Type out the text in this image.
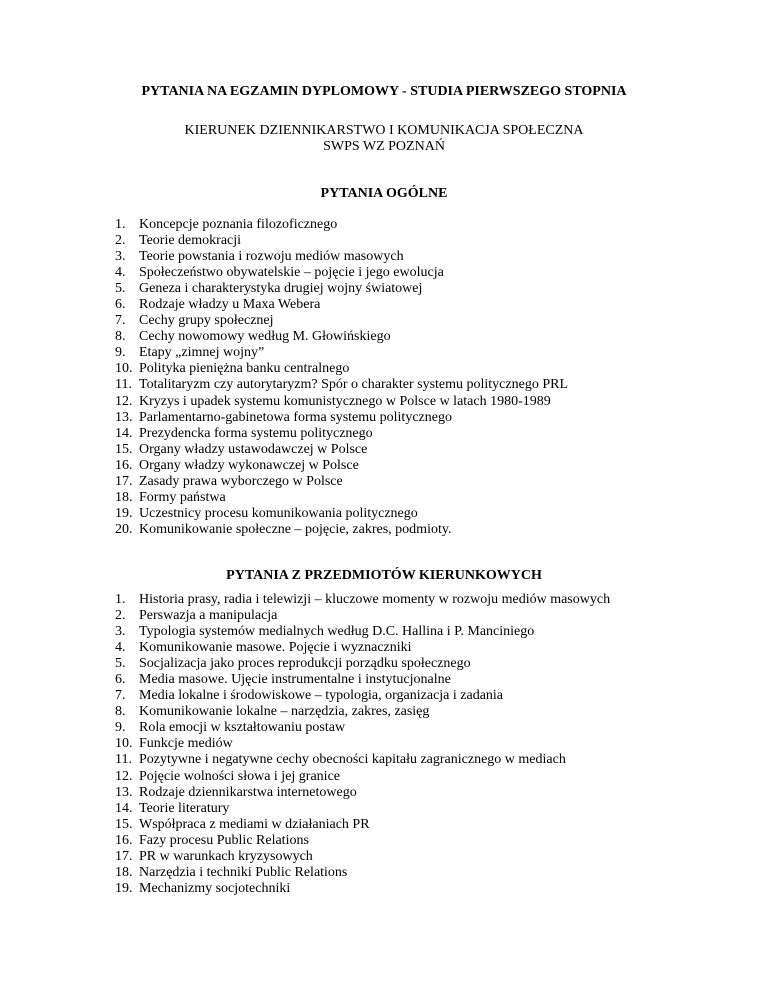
PYTANIA NA EGZAMIN DYPLOMOWY - STUDIA PIERWSZEGO STOPNIA
KIERUNEK DZIENNIKARSTWO I KOMUNIKACJA SPOŁECZNA
SWPS WZ POZNAŃ
PYTANIA OGÓLNE
1. Koncepcje poznania filozoficznego
2. Teorie demokracji
3. Teorie powstania i rozwoju mediów masowych
4. Społeczeństwo obywatelskie – pojęcie i jego ewolucja
5. Geneza i charakterystyka drugiej wojny światowej
6. Rodzaje władzy u Maxa Webera
7. Cechy grupy społecznej
8. Cechy nowomowy według M. Głowińskiego
9. Etapy „zimnej wojny”
10. Polityka pieniężna banku centralnego
11. Totalitaryzm czy autorytaryzm? Spór o charakter systemu politycznego PRL
12. Kryzys i upadek systemu komunistycznego w Polsce w latach 1980-1989
13. Parlamentarno-gabinetowa forma systemu politycznego
14. Prezydencka forma systemu politycznego
15. Organy władzy ustawodawczej w Polsce
16. Organy władzy wykonawczej w Polsce
17. Zasady prawa wyborczego w Polsce
18. Formy państwa
19. Uczestnicy procesu komunikowania politycznego
20. Komunikowanie społeczne – pojęcie, zakres, podmioty.
PYTANIA Z PRZEDMIOTÓW KIERUNKOWYCH
1. Historia prasy, radia i telewizji – kluczowe momenty w rozwoju mediów masowych
2. Perswazja a manipulacja
3. Typologia systemów medialnych według D.C. Hallina i P. Manciniego
4. Komunikowanie masowe. Pojęcie i wyznaczniki
5. Socjalizacja jako proces reprodukcji porządku społecznego
6. Media masowe. Ujęcie instrumentalne i instytucjonalne
7. Media lokalne i środowiskowe – typologia, organizacja i zadania
8. Komunikowanie lokalne – narzędzia, zakres, zasięg
9. Rola emocji w kształtowaniu postaw
10. Funkcje mediów
11. Pozytywne i negatywne cechy obecności kapitału zagranicznego w mediach
12. Pojęcie wolności słowa i jej granice
13. Rodzaje dziennikarstwa internetowego
14. Teorie literatury
15. Współpraca z mediami w działaniach PR
16. Fazy procesu Public Relations
17. PR w warunkach kryzysowych
18. Narzędzia i techniki Public Relations
19. Mechanizmy socjotechniki
